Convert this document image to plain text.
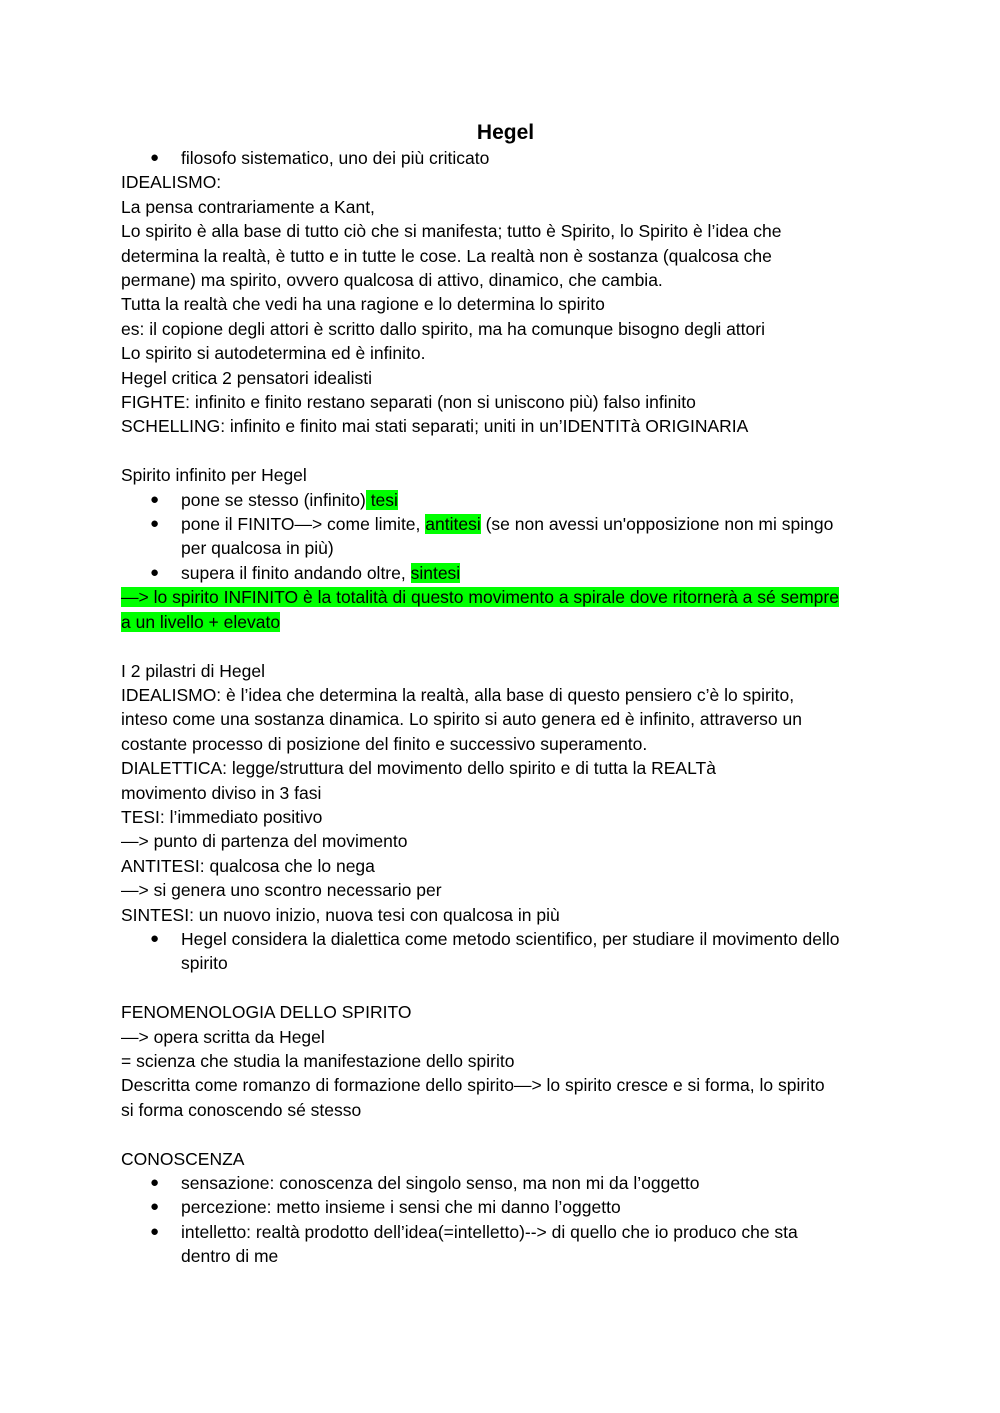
Hegel

● filosofo sistematico, uno dei più criticato

IDEALISMO:

La pensa contrariamente a Kant,

Lo spirito è alla base di tutto ciò che si manifesta; tutto è Spirito, lo Spirito è l’idea che

determina la realtà, è tutto e in tutte le cose. La realtà non è sostanza (qualcosa che

permane) ma spirito, ovvero qualcosa di attivo, dinamico, che cambia.

Tutta la realtà che vedi ha una ragione e lo determina lo spirito

es: il copione degli attori è scritto dallo spirito, ma ha comunque bisogno degli attori

Lo spirito si autodetermina ed è infinito.

Hegel critica 2 pensatori idealisti

FIGHTE: infinito e finito restano separati (non si uniscono più) falso infinito

SCHELLING: infinito e finito mai stati separati; uniti in un’IDENTITà ORIGINARIA

Spirito infinito per Hegel

● pone se stesso (infinito) tesi

● pone il FINITO—> come limite, antitesi (se non avessi un'opposizione non mi spingo
per qualcosa in più)

● supera il finito andando oltre, sintesi

—> lo spirito INFINITO è la totalità di questo movimento a spirale dove ritornerà a sé sempre

a un livello + elevato

I 2 pilastri di Hegel

IDEALISMO: è l’idea che determina la realtà, alla base di questo pensiero c’è lo spirito,

inteso come una sostanza dinamica. Lo spirito si auto genera ed è infinito, attraverso un

costante processo di posizione del finito e successivo superamento.

DIALETTICA: legge/struttura del movimento dello spirito e di tutta la REALTà

movimento diviso in 3 fasi

TESI: l’immediato positivo

—> punto di partenza del movimento

ANTITESI: qualcosa che lo nega

—> si genera uno scontro necessario per

SINTESI: un nuovo inizio, nuova tesi con qualcosa in più

● Hegel considera la dialettica come metodo scientifico, per studiare il movimento dello
spirito

FENOMENOLOGIA DELLO SPIRITO

—> opera scritta da Hegel

= scienza che studia la manifestazione dello spirito

Descritta come romanzo di formazione dello spirito—> lo spirito cresce e si forma, lo spirito

si forma conoscendo sé stesso

CONOSCENZA

● sensazione: conoscenza del singolo senso, ma non mi da l’oggetto

● percezione: metto insieme i sensi che mi danno l’oggetto

● intelletto: realtà prodotto dell’idea(=intelletto)--> di quello che io produco che sta
dentro di me
